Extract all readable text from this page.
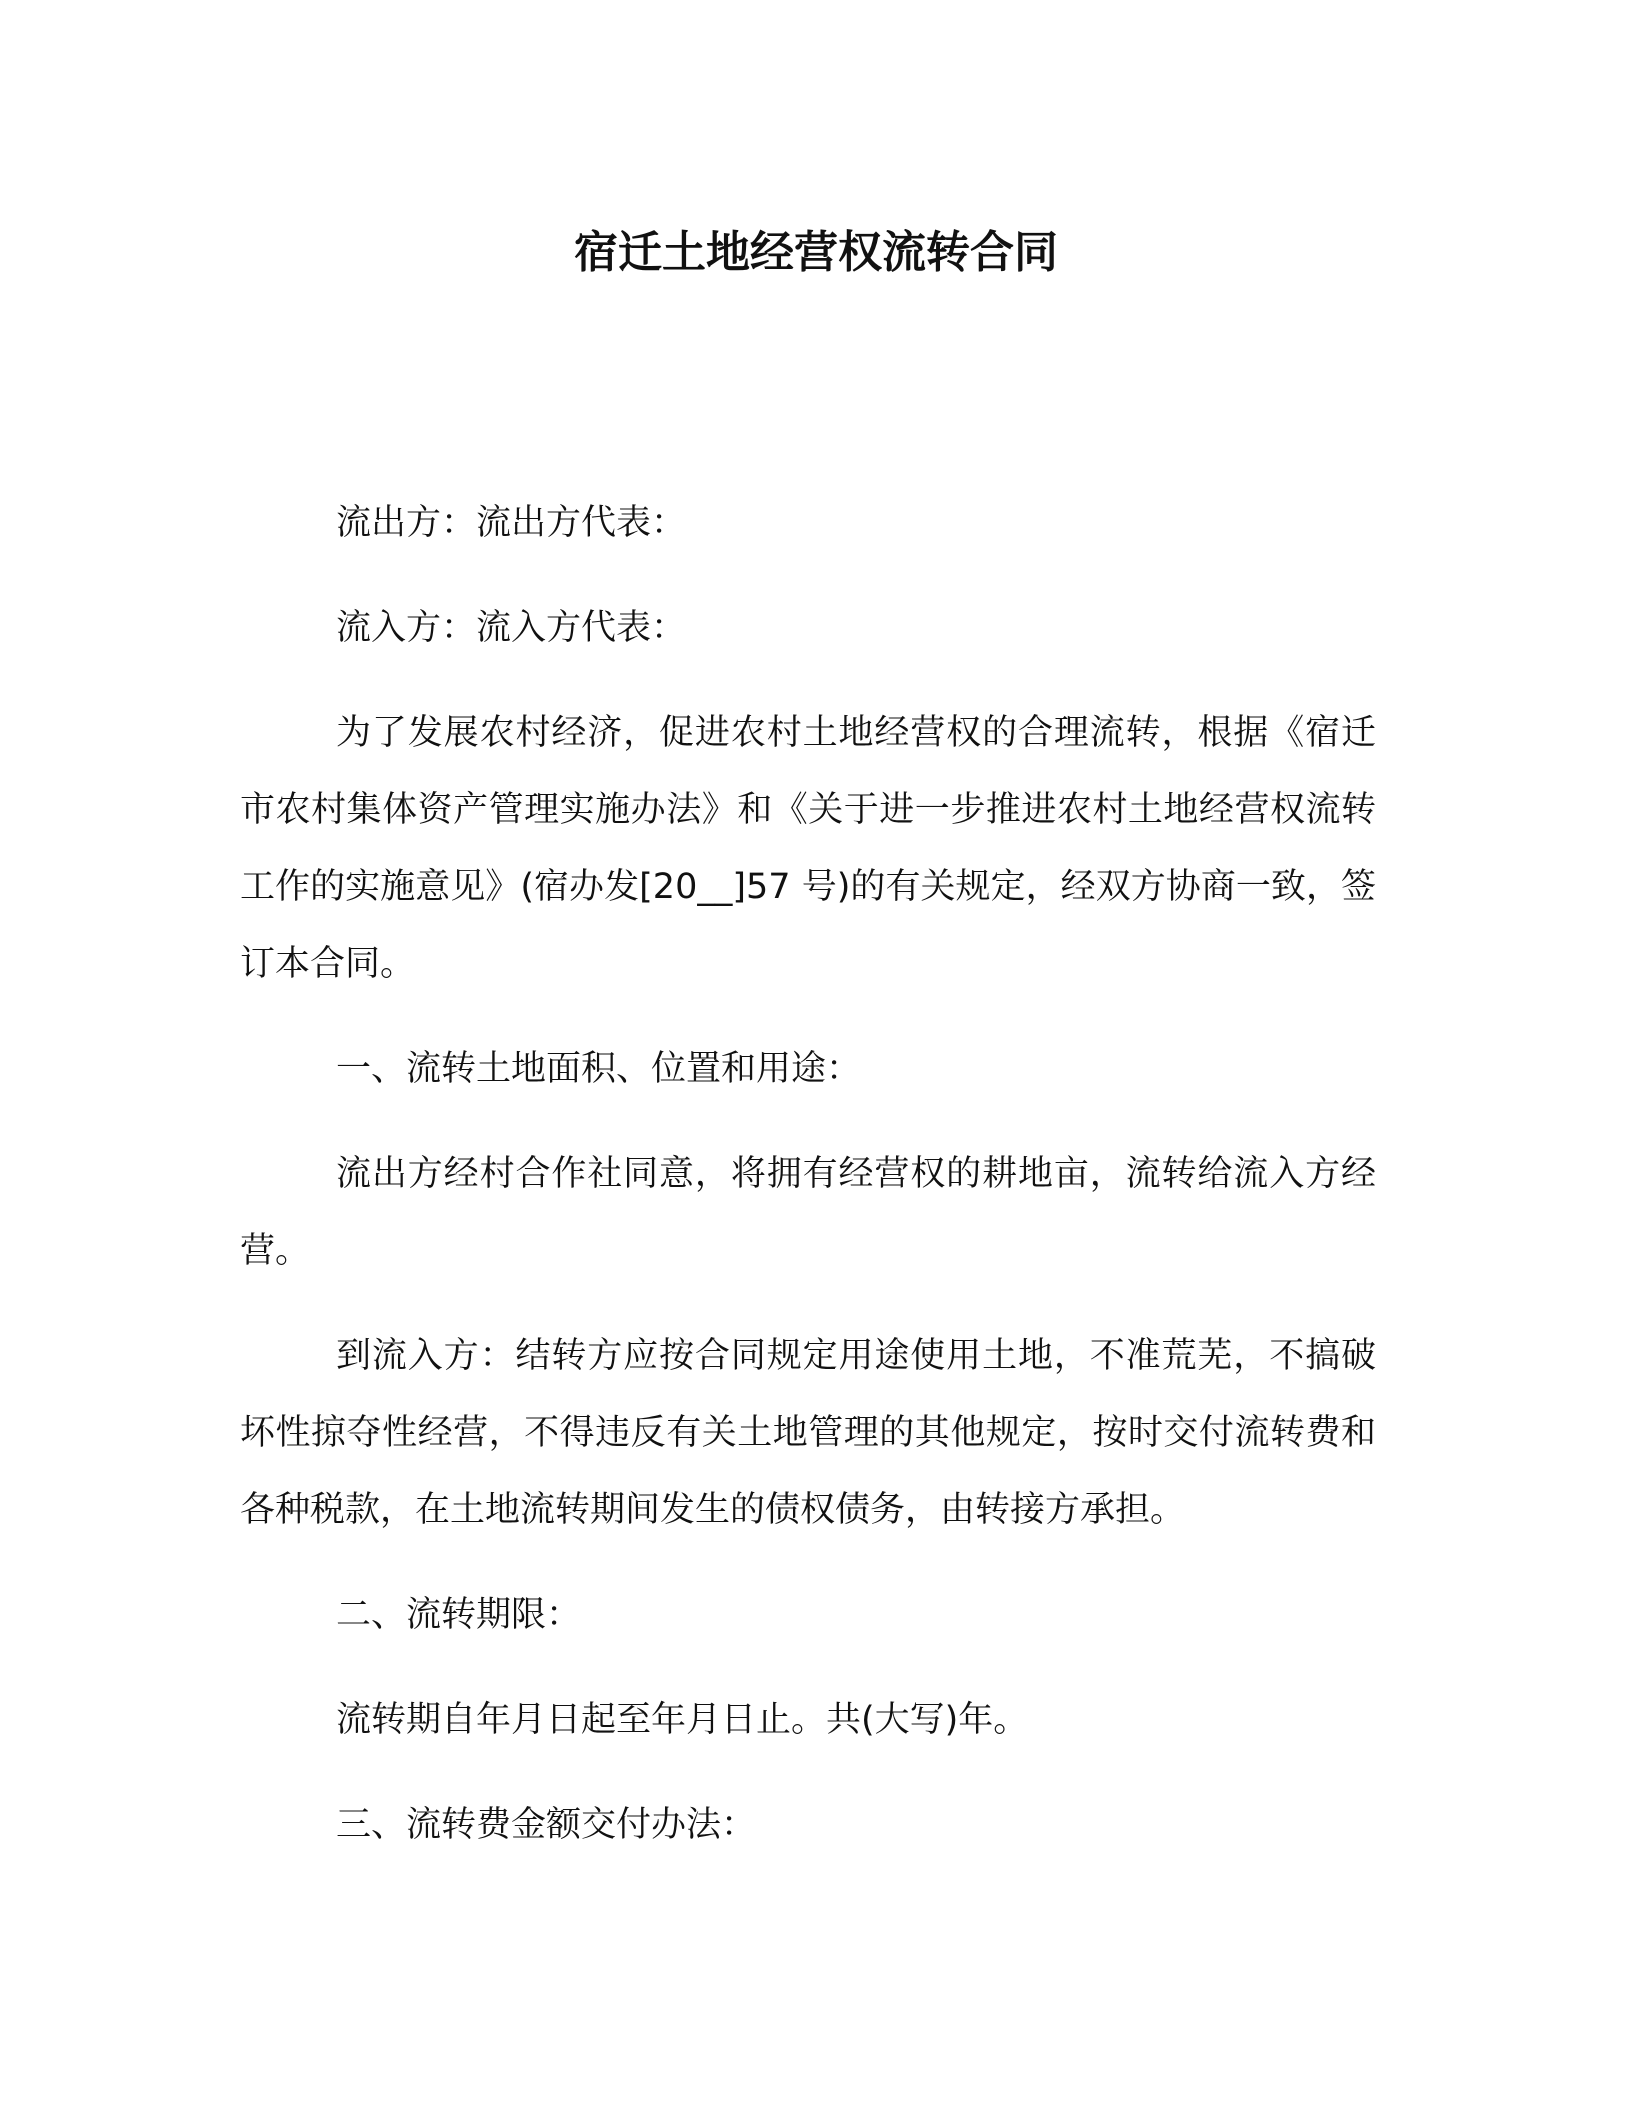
宿迁土地经营权流转合同

流出方：流出方代表：

流入方：流入方代表：

为了发展农村经济，促进农村土地经营权的合理流转，根据《宿迁市农村集体资产管理实施办法》和《关于进一步推进农村土地经营权流转工作的实施意见》(宿办发[20__]57 号)的有关规定，经双方协商一致，签订本合同。

一、流转土地面积、位置和用途：

流出方经村合作社同意，将拥有经营权的耕地亩，流转给流入方经营。

到流入方：结转方应按合同规定用途使用土地，不准荒芜，不搞破坏性掠夺性经营，不得违反有关土地管理的其他规定，按时交付流转费和各种税款，在土地流转期间发生的债权债务，由转接方承担。

二、流转期限：

流转期自年月日起至年月日止。共(大写)年。

三、流转费金额交付办法：
